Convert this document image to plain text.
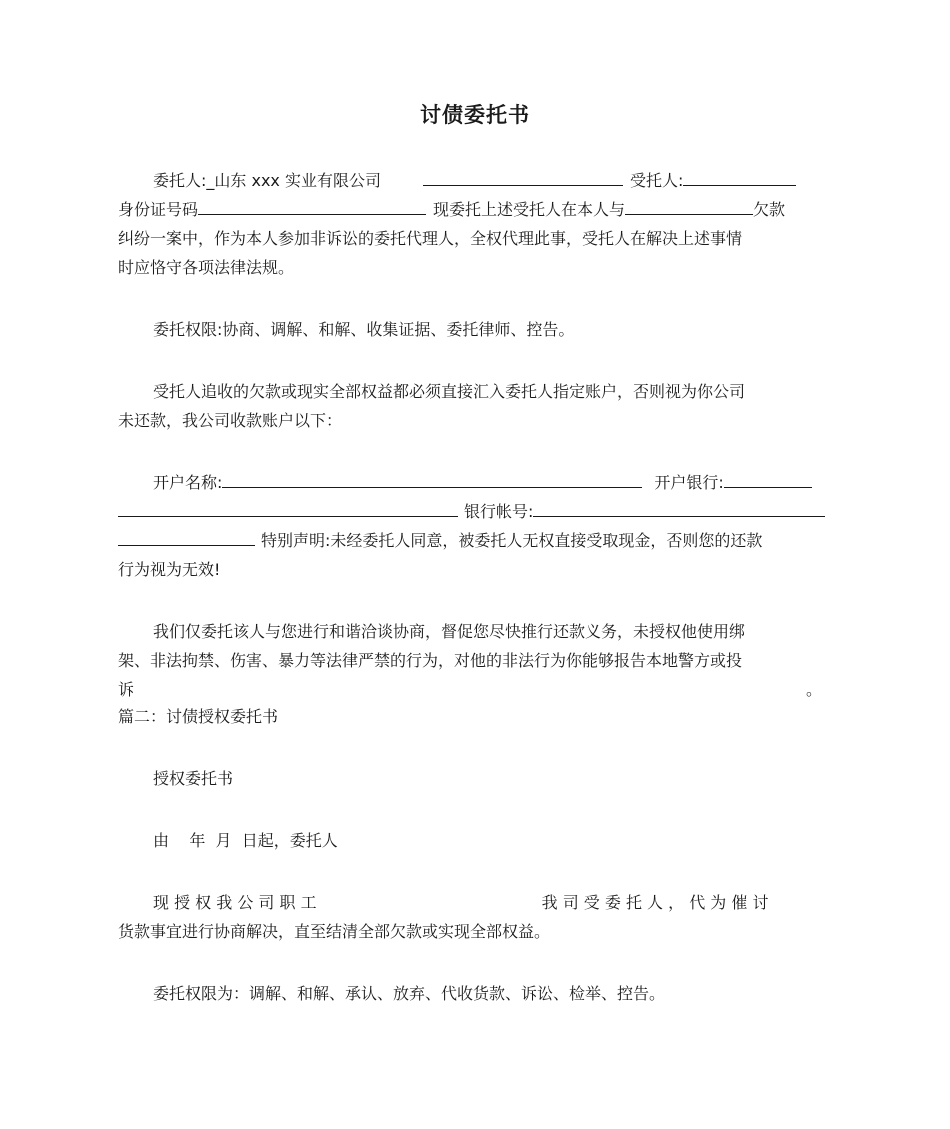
讨债委托书
委托人:_山东 xxx 实业有限公司	受托人:
身份证号码	现委托上述受托人在本人与	欠款
纠纷一案中，作为本人参加非诉讼的委托代理人，全权代理此事，受托人在解决上述事情
时应恪守各项法律法规。
委托权限:协商、调解、和解、收集证据、委托律师、控告。
受托人追收的欠款或现实全部权益都必须直接汇入委托人指定账户，否则视为你公司
未还款，我公司收款账户以下：
开户名称:	开户银行:
银行帐号:
特别声明:未经委托人同意，被委托人无权直接受取现金，否则您的还款
行为视为无效!
我们仅委托该人与您进行和谐洽谈协商，督促您尽快推行还款义务，未授权他使用绑
架、非法拘禁、伤害、暴力等法律严禁的行为，对他的非法行为你能够报告本地警方或投
诉	。
篇二：讨债授权委托书
授权委托书
由    年  月  日起，委托人
现 授 权 我 公 司 职 工	我 司 受 委 托 人 ， 代 为 催 讨
货款事宜进行协商解决，直至结清全部欠款或实现全部权益。
委托权限为：调解、和解、承认、放弃、代收货款、诉讼、检举、控告。
